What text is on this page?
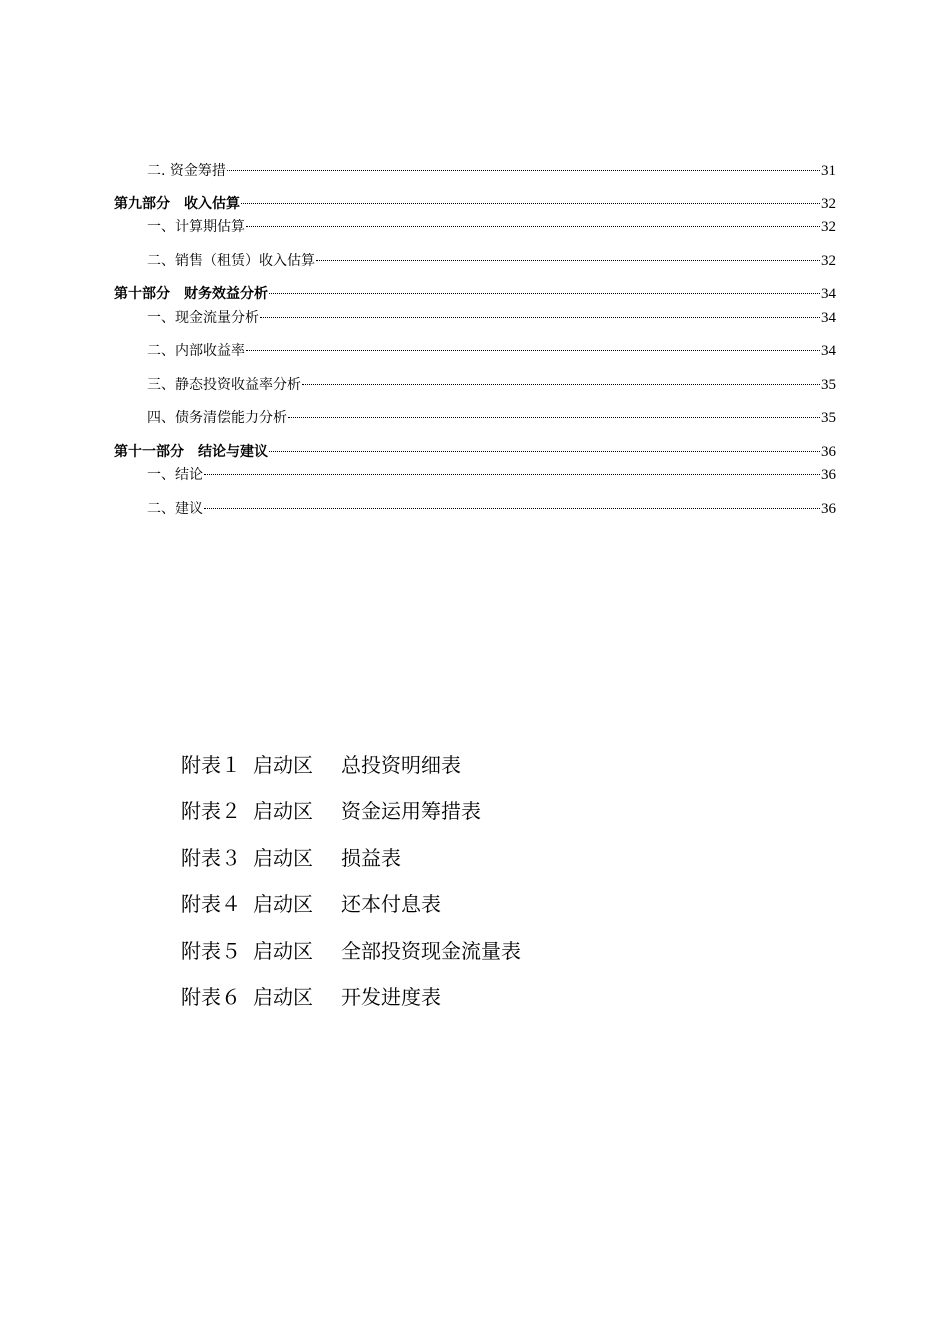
二. 资金筹措	31
第九部分　收入估算	32
一、计算期估算	32
二、销售（租赁）收入估算	32
第十部分　财务效益分析	34
一、现金流量分析	34
二、内部收益率	34
三、静态投资收益率分析	35
四、债务清偿能力分析	35
第十一部分　结论与建议	36
一、结论	36
二、建议	36
附表１ 启动区 总投资明细表
附表２ 启动区 资金运用筹措表
附表３ 启动区 损益表
附表４ 启动区 还本付息表
附表５ 启动区 全部投资现金流量表
附表６ 启动区 开发进度表
